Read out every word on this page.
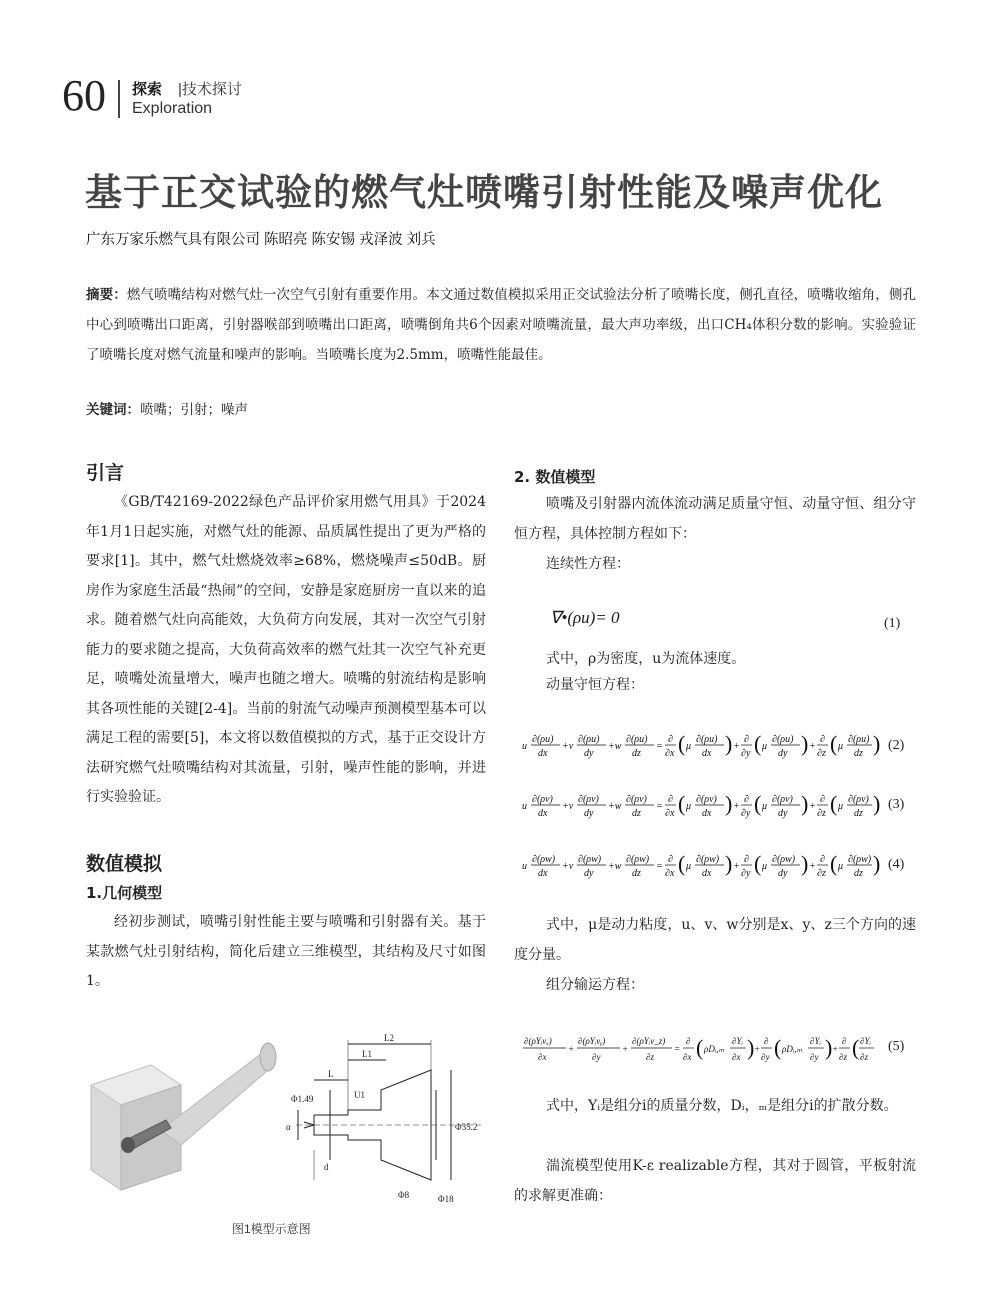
60 探索 |技术探讨
Exploration
基于正交试验的燃气灶喷嘴引射性能及噪声优化
广东万家乐燃气具有限公司 陈昭亮 陈安锡 戎泽波 刘兵
摘要：燃气喷嘴结构对燃气灶一次空气引射有重要作用。本文通过数值模拟采用正交试验法分析了喷嘴长度，侧孔直径，喷嘴收缩角，侧孔中心到喷嘴出口距离，引射器喉部到喷嘴出口距离，喷嘴倒角共6个因素对喷嘴流量，最大声功率级，出口CH₄体积分数的影响。实验验证了喷嘴长度对燃气流量和噪声的影响。当喷嘴长度为2.5mm，喷嘴性能最佳。
关键词：喷嘴；引射；噪声
引言
《GB/T42169-2022绿色产品评价家用燃气用具》于2024年1月1日起实施，对燃气灶的能源、品质属性提出了更为严格的要求[1]。其中，燃气灶燃烧效率≥68%，燃烧噪声≤50dB。厨房作为家庭生活最“热闹”的空间，安静是家庭厨房一直以来的追求。随着燃气灶向高能效，大负荷方向发展，其对一次空气引射能力的要求随之提高，大负荷高效率的燃气灶其一次空气补充更足，喷嘴处流量增大，噪声也随之增大。喷嘴的射流结构是影响其各项性能的关键[2-4]。当前的射流气动噪声预测模型基本可以满足工程的需要[5]，本文将以数值模拟的方式，基于正交设计方法研究燃气灶喷嘴结构对其流量，引射，噪声性能的影响，并进行实验验证。
数值模拟
1.几何模型
经初步测试，喷嘴引射性能主要与喷嘴和引射器有关。基于某款燃气灶引射结构，简化后建立三维模型，其结构及尺寸如图1。
L2
L1
L
U1
Φ1.49
α
d
Φ35.2
Φ8	Φ18
图1模型示意图
2. 数值模型
喷嘴及引射器内流体流动满足质量守恒、动量守恒、组分守恒方程，具体控制方程如下：
连续性方程：
∇•(ρu)= 0	(1)
式中，ρ为密度，u为流体速度。
动量守恒方程：
u
∂(ρu)
dx
+v
∂(ρu)
dy
+w
∂(ρu)
dz
=
∂
∂x ( μ
∂(ρu)
dx ) +
∂
∂y ( μ
∂(ρu)
dy ) +
∂
∂z ( μ
∂(ρu)
dz )
u
∂(ρv)
dx
+v
∂(ρv)
dy
+w
∂(ρv)
dz
=
∂
∂x ( μ
∂(ρv)
dx ) +
∂
∂y ( μ
∂(ρv)
dy ) +
∂
∂z ( μ
∂(ρv)
dz )
u
∂(ρw)
dx
+v
∂(ρw)
dy
+w
∂(ρw)
dz
=
∂
∂x ( μ
∂(ρw)
dx ) +
∂
∂y ( μ
∂(ρw)
dy ) +
∂
∂z ( μ
∂(ρw)
dz )
(2)
(3)
(4)
式中，μ是动力粘度，u、v、w分别是x、y、z三个方向的速度分量。
组分输运方程：
∂(ρYᵢvₓ)
∂x
+
∂(ρYᵢvᵧ)
∂y
+
∂(ρYᵢv_z)
∂z
=
∂
∂x ( ρDᵢ,ₘ
∂Yᵢ
∂x ) +
∂
∂y ( ρDᵢ,ₘ
∂Yᵢ
∂y ) +
∂
∂z ( ∂Yᵢ
∂z
(5)
式中，Yᵢ是组分i的质量分数，Dᵢ，ₘ是组分i的扩散分数。
湍流模型使用K-ε realizable方程，其对于圆管，平板射流的求解更准确：
